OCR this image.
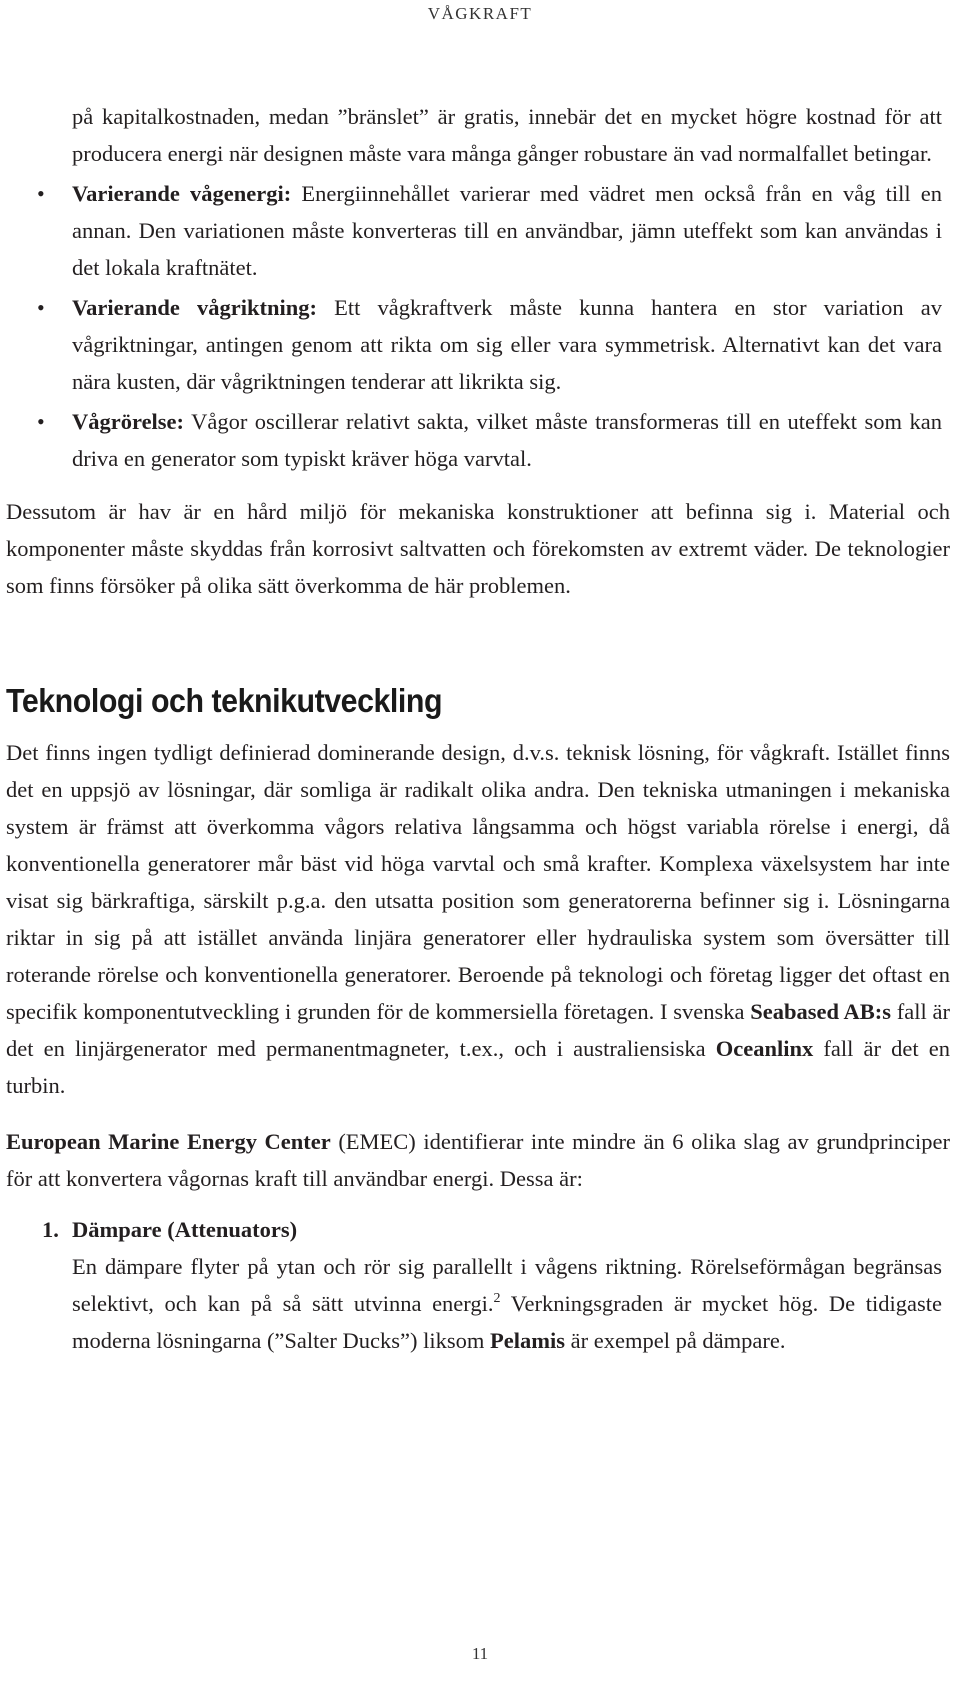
VÅGKRAFT

på kapitalkostnaden, medan ”bränslet” är gratis, innebär det en mycket högre kostnad för att producera energi när designen måste vara många gånger robustare än vad normalfallet betingar.

• Varierande vågenergi: Energiinnehållet varierar med vädret men också från en våg till en annan. Den variationen måste konverteras till en användbar, jämn uteffekt som kan användas i det lokala kraftnätet.
• Varierande vågriktning: Ett vågkraftverk måste kunna hantera en stor variation av vågriktningar, antingen genom att rikta om sig eller vara symmetrisk. Alternativt kan det vara nära kusten, där vågriktningen tenderar att likrikta sig.
• Vågrörelse: Vågor oscillerar relativt sakta, vilket måste transformeras till en uteffekt som kan driva en generator som typiskt kräver höga varvtal.

Dessutom är hav är en hård miljö för mekaniska konstruktioner att befinna sig i. Material och komponenter måste skyddas från korrosivt saltvatten och förekomsten av extremt väder. De teknologier som finns försöker på olika sätt överkomma de här problemen.

Teknologi och teknikutveckling

Det finns ingen tydligt definierad dominerande design, d.v.s. teknisk lösning, för vågkraft. Istället finns det en uppsjö av lösningar, där somliga är radikalt olika andra. Den tekniska utmaningen i mekaniska system är främst att överkomma vågors relativa långsamma och högst variabla rörelse i energi, då konventionella generatorer mår bäst vid höga varvtal och små krafter. Komplexa växelsystem har inte visat sig bärkraftiga, särskilt p.g.a. den utsatta position som generatorerna befinner sig i. Lösningarna riktar in sig på att istället använda linjära generatorer eller hydrauliska system som översätter till roterande rörelse och konventionella generatorer. Beroende på teknologi och företag ligger det oftast en specifik komponentutveckling i grunden för de kommersiella företagen. I svenska Seabased AB:s fall är det en linjärgenerator med permanentmagneter, t.ex., och i australiensiska Oceanlinx fall är det en turbin.

European Marine Energy Center (EMEC) identifierar inte mindre än 6 olika slag av grundprinciper för att konvertera vågornas kraft till användbar energi. Dessa är:

1. Dämpare (Attenuators)
En dämpare flyter på ytan och rör sig parallellt i vågens riktning. Rörelseförmågan begränsas selektivt, och kan på så sätt utvinna energi.$^2$ Verkningsgraden är mycket hög. De tidigaste moderna lösningarna (”Salter Ducks”) liksom Pelamis är exempel på dämpare.
11
